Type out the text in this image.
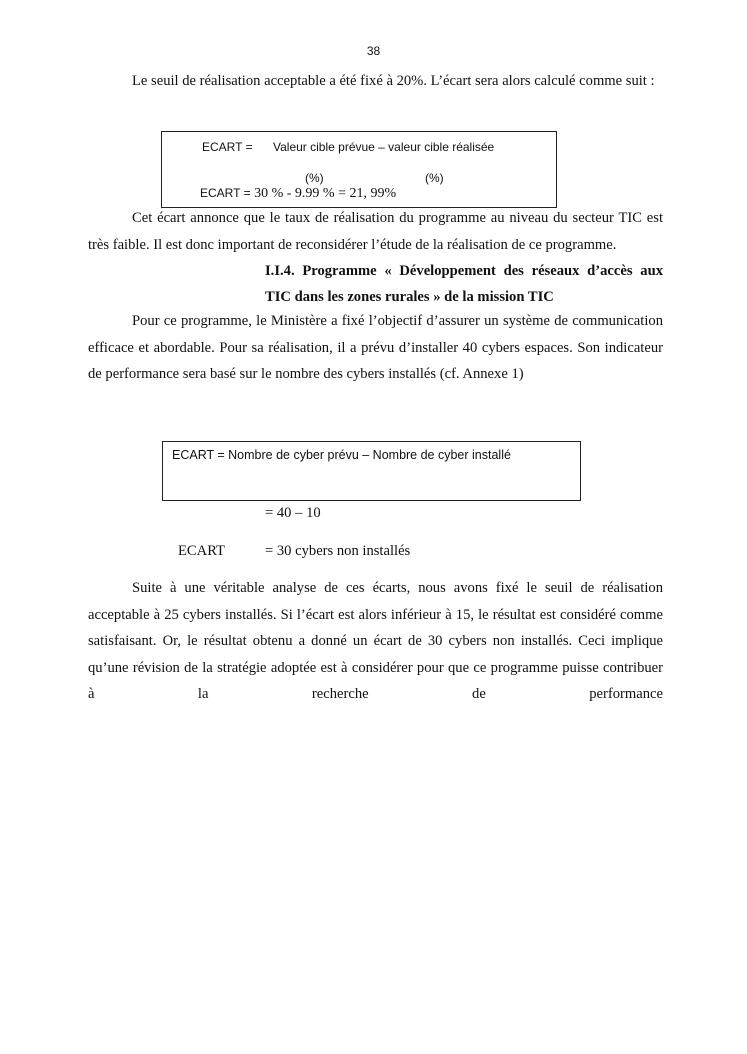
38

Le seuil de réalisation acceptable a été fixé à 20%. L’écart sera alors calculé comme suit :

ECART = Valeur cible prévue – valeur cible réalisée
(%)	(%)
ECART = 30 % - 9.99 % = 21, 99%

Cet écart annonce que le taux de réalisation du programme au niveau du secteur TIC est très faible. Il est donc important de reconsidérer l’étude de la réalisation de ce programme.

I.I.4. Programme « Développement des réseaux d’accès aux TIC dans les zones rurales » de la mission TIC

Pour ce programme, le Ministère a fixé l’objectif d’assurer un système de communication efficace et abordable. Pour sa réalisation, il a prévu d’installer 40 cybers espaces. Son indicateur de performance sera basé sur le nombre des cybers installés (cf. Annexe 1)

ECART = Nombre de cyber prévu – Nombre de cyber installé
= 40 – 10
ECART	= 30 cybers non installés

Suite à une véritable analyse de ces écarts, nous avons fixé le seuil de réalisation acceptable à 25 cybers installés. Si l’écart est alors inférieur à 15, le résultat est considéré comme satisfaisant. Or, le résultat obtenu a donné un écart de 30 cybers non installés. Ceci implique qu’une révision de la stratégie adoptée est à considérer pour que ce programme puisse contribuer à la recherche de performance
